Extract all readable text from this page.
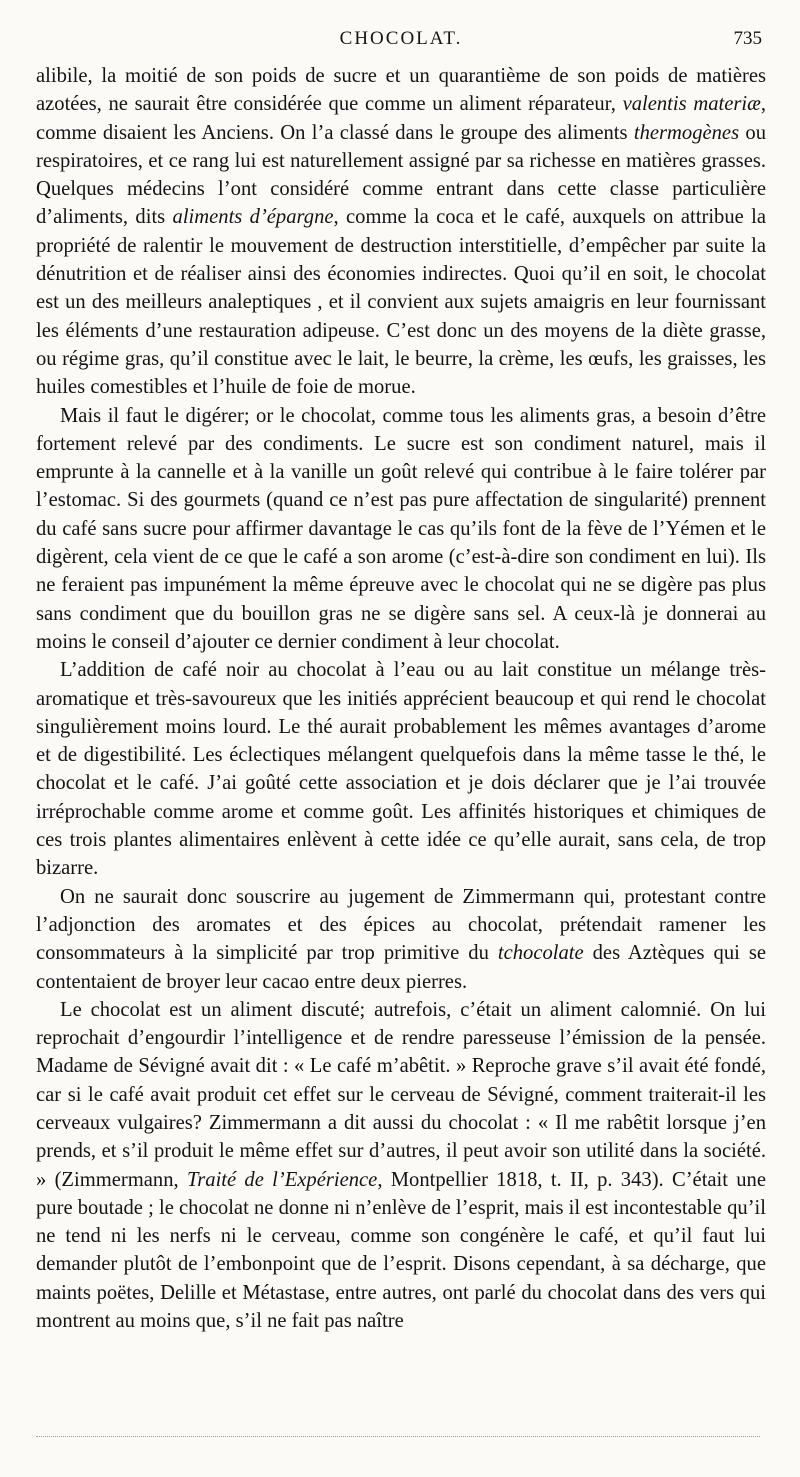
CHOCOLAT.	735

alibile, la moitié de son poids de sucre et un quarantième de son poids de matières azotées, ne saurait être considérée que comme un aliment réparateur, valentis materiæ, comme disaient les Anciens. On l’a classé dans le groupe des aliments thermogènes ou respiratoires, et ce rang lui est naturellement assigné par sa richesse en matières grasses. Quelques médecins l’ont considéré comme entrant dans cette classe particulière d’aliments, dits aliments d’épargne, comme la coca et le café, auxquels on attribue la propriété de ralentir le mouvement de destruction interstitielle, d’empêcher par suite la dénutrition et de réaliser ainsi des économies indirectes. Quoi qu’il en soit, le chocolat est un des meilleurs analeptiques , et il convient aux sujets amaigris en leur fournissant les éléments d’une restauration adipeuse. C’est donc un des moyens de la diète grasse, ou régime gras, qu’il constitue avec le lait, le beurre, la crème, les œufs, les graisses, les huiles comestibles et l’huile de foie de morue.

Mais il faut le digérer; or le chocolat, comme tous les aliments gras, a besoin d’être fortement relevé par des condiments. Le sucre est son condiment naturel, mais il emprunte à la cannelle et à la vanille un goût relevé qui contribue à le faire tolérer par l’estomac. Si des gourmets (quand ce n’est pas pure affectation de singularité) prennent du café sans sucre pour affirmer davantage le cas qu’ils font de la fève de l’Yémen et le digèrent, cela vient de ce que le café a son arome (c’est-à-dire son condiment en lui). Ils ne feraient pas impunément la même épreuve avec le chocolat qui ne se digère pas plus sans condiment que du bouillon gras ne se digère sans sel. A ceux-là je donnerai au moins le conseil d’ajouter ce dernier condiment à leur chocolat.

L’addition de café noir au chocolat à l’eau ou au lait constitue un mélange très-aromatique et très-savoureux que les initiés apprécient beaucoup et qui rend le chocolat singulièrement moins lourd. Le thé aurait probablement les mêmes avantages d’arome et de digestibilité. Les éclectiques mélangent quelquefois dans la même tasse le thé, le chocolat et le café. J’ai goûté cette association et je dois déclarer que je l’ai trouvée irréprochable comme arome et comme goût. Les affinités historiques et chimiques de ces trois plantes alimentaires enlèvent à cette idée ce qu’elle aurait, sans cela, de trop bizarre.

On ne saurait donc souscrire au jugement de Zimmermann qui, protestant contre l’adjonction des aromates et des épices au chocolat, prétendait ramener les consommateurs à la simplicité par trop primitive du tchocolate des Aztèques qui se contentaient de broyer leur cacao entre deux pierres.

Le chocolat est un aliment discuté; autrefois, c’était un aliment calomnié. On lui reprochait d’engourdir l’intelligence et de rendre paresseuse l’émission de la pensée. Madame de Sévigné avait dit : « Le café m’abêtit. » Reproche grave s’il avait été fondé, car si le café avait produit cet effet sur le cerveau de Sévigné, comment traiterait-il les cerveaux vulgaires? Zimmermann a dit aussi du chocolat : « Il me rabêtit lorsque j’en prends, et s’il produit le même effet sur d’autres, il peut avoir son utilité dans la société. » (Zimmermann, Traité de l’Expérience, Montpellier 1818, t. II, p. 343). C’était une pure boutade ; le chocolat ne donne ni n’enlève de l’esprit, mais il est incontestable qu’il ne tend ni les nerfs ni le cerveau, comme son congénère le café, et qu’il faut lui demander plutôt de l’embonpoint que de l’esprit. Disons cependant, à sa décharge, que maints poëtes, Delille et Métastase, entre autres, ont parlé du chocolat dans des vers qui montrent au moins que, s’il ne fait pas naître
